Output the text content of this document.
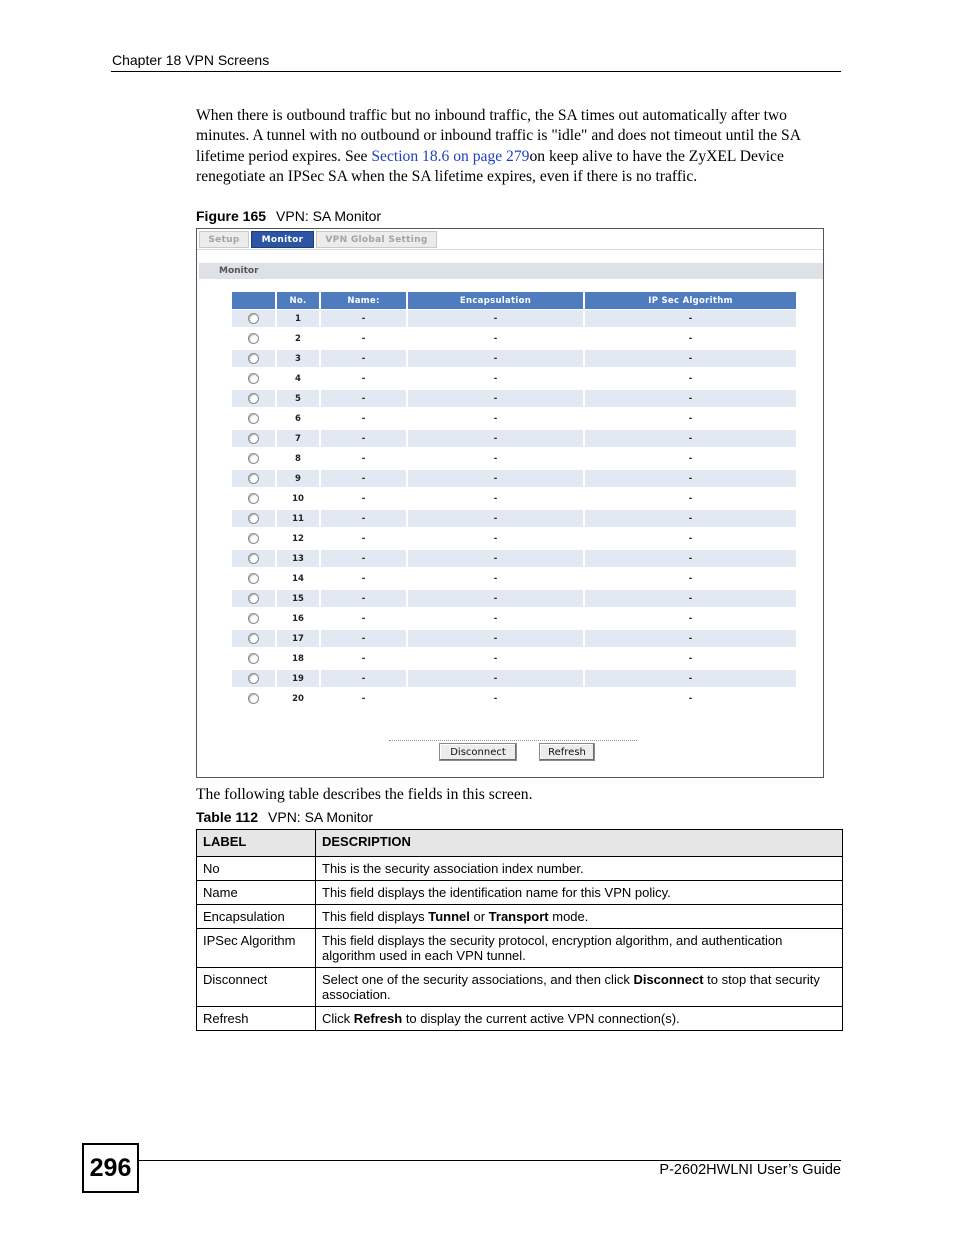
Chapter 18 VPN Screens
When there is outbound traffic but no inbound traffic, the SA times out automatically after two minutes. A tunnel with no outbound or inbound traffic is "idle" and does not timeout until the SA lifetime period expires. See Section 18.6 on page 279on keep alive to have the ZyXEL Device renegotiate an IPSec SA when the SA lifetime expires, even if there is no traffic.
Figure 165 VPN: SA Monitor
Setup	Monitor	VPN Global Setting
Monitor
No.	Name:	Encapsulation	IP Sec Algorithm
1	-	-	-
2	-	-	-
3	-	-	-
4	-	-	-
5	-	-	-
6	-	-	-
7	-	-	-
8	-	-	-
9	-	-	-
10	-	-	-
11	-	-	-
12	-	-	-
13	-	-	-
14	-	-	-
15	-	-	-
16	-	-	-
17	-	-	-
18	-	-	-
19	-	-	-
20	-	-	-
Disconnect	Refresh
The following table describes the fields in this screen.
Table 112 VPN: SA Monitor
LABEL	DESCRIPTION
No	This is the security association index number.
Name	This field displays the identification name for this VPN policy.
Encapsulation	This field displays Tunnel or Transport mode.
IPSec Algorithm	This field displays the security protocol, encryption algorithm, and authentication algorithm used in each VPN tunnel.
Disconnect	Select one of the security associations, and then click Disconnect to stop that security association.
Refresh	Click Refresh to display the current active VPN connection(s).
296	P-2602HWLNI User’s Guide
